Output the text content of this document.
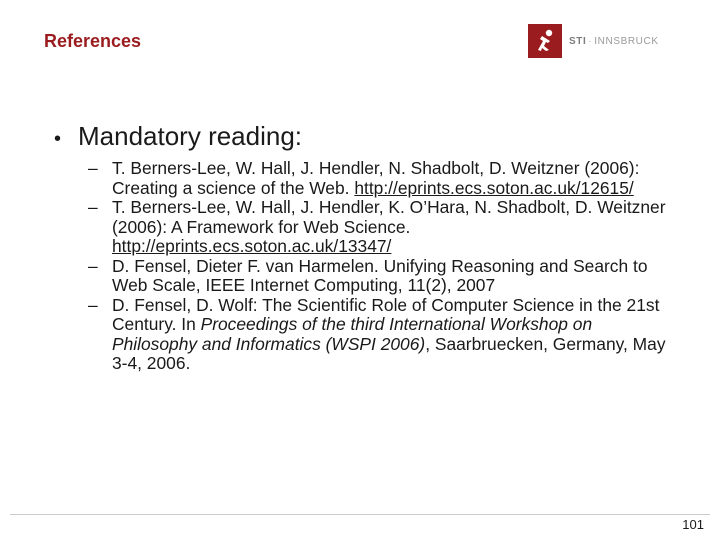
References	STI · INNSBRUCK
• Mandatory reading:
– T. Berners-Lee, W. Hall, J. Hendler, N. Shadbolt, D. Weitzner (2006): Creating a science of the Web. http://eprints.ecs.soton.ac.uk/12615/
– T. Berners-Lee, W. Hall, J. Hendler, K. O’Hara, N. Shadbolt, D. Weitzner (2006): A Framework for Web Science. http://eprints.ecs.soton.ac.uk/13347/
– D. Fensel, Dieter F. van Harmelen. Unifying Reasoning and Search to Web Scale, IEEE Internet Computing, 11(2), 2007
– D. Fensel, D. Wolf: The Scientific Role of Computer Science in the 21st Century. In Proceedings of the third International Workshop on Philosophy and Informatics (WSPI 2006), Saarbruecken, Germany, May 3-4, 2006.
101
